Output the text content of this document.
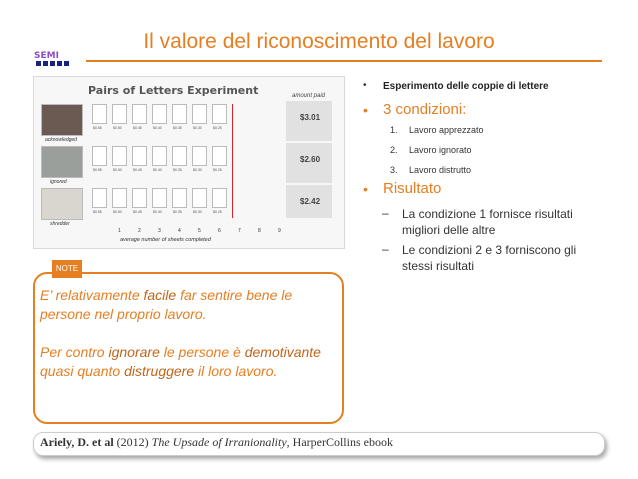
Il valore del riconoscimento del lavoro
SEMI
Pairs of Letters Experiment	amount paid
$3.01
$2.60
$2.42
acknowledged
ignored
shredder
$0.55	$0.50	$0.45	$0.40	$0.35	$0.30	$0.25
$0.55	$0.50	$0.45	$0.40	$0.35	$0.30	$0.25
$0.55	$0.50	$0.45	$0.40	$0.35	$0.30	$0.25
1	2	3	4	5	6	7	8	9
average number of sheets completed
• Esperimento delle coppie di lettere
• 3 condizioni:
1. Lavoro apprezzato
2. Lavoro ignorato
3. Lavoro distrutto
• Risultato
– La condizione 1 fornisce risultati migliori delle altre
– Le condizioni 2 e 3 forniscono gli stessi risultati
NOTE
E’ relativamente facile far sentire bene le persone nel proprio lavoro.

Per contro ignorare le persone è demotivante quasi quanto distruggere il loro lavoro.
Ariely, D. et al (2012) The Upsade of Irranionality, HarperCollins ebook
